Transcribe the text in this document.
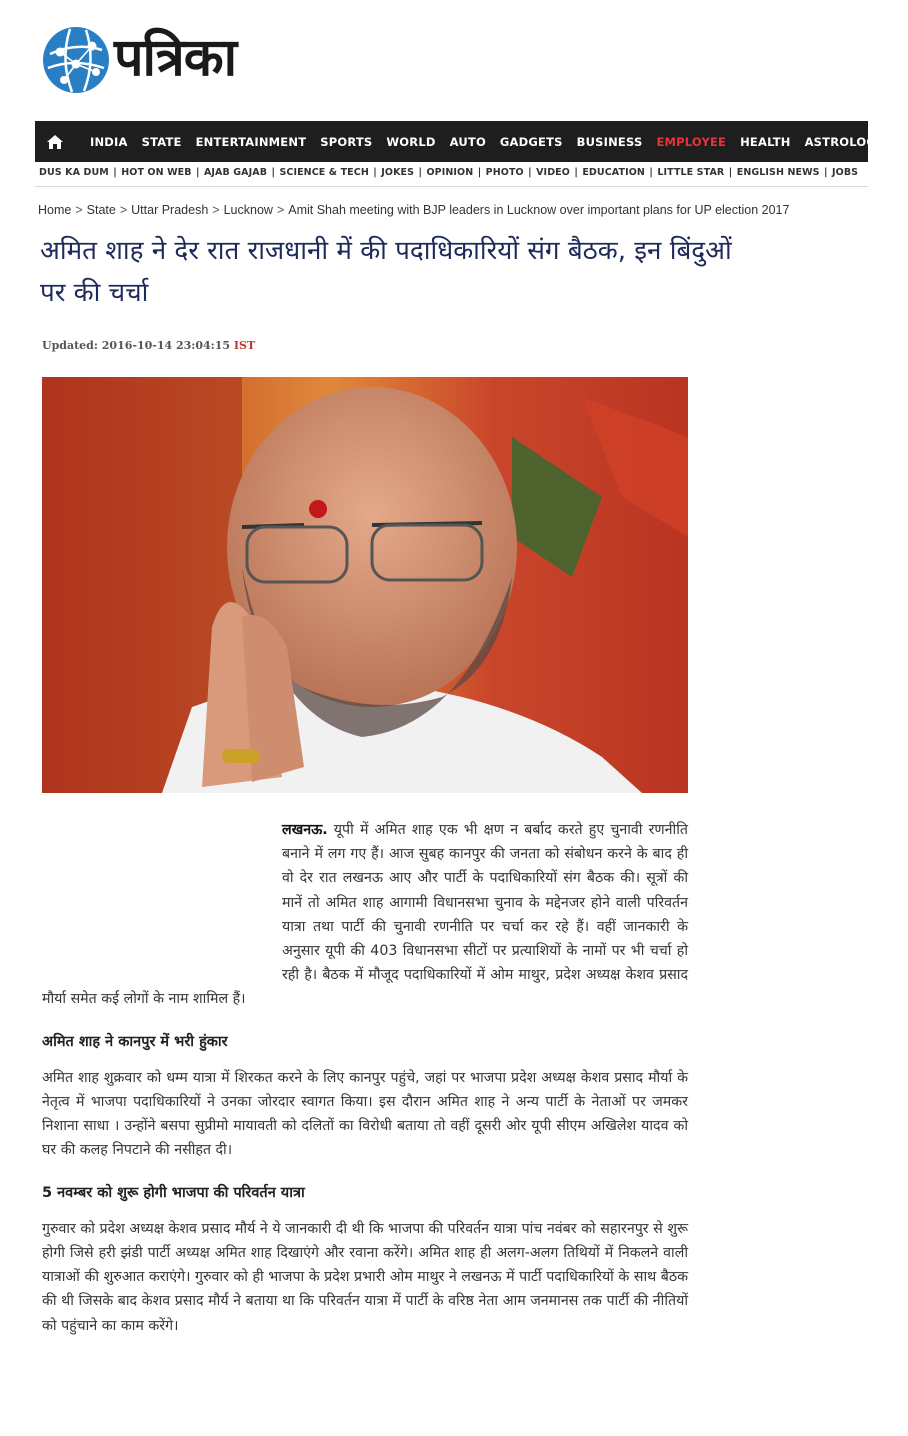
पत्रिका
INDIA	STATE	ENTERTAINMENT	SPORTS	WORLD	AUTO	GADGETS	BUSINESS	EMPLOYEE	HEALTH	ASTROLOGY
DUS KA DUM | HOT ON WEB | AJAB GAJAB | SCIENCE & TECH | JOKES | OPINION | PHOTO | VIDEO | EDUCATION | LITTLE STAR | ENGLISH NEWS | JOBS
Home > State > Uttar Pradesh > Lucknow > Amit Shah meeting with BJP leaders in Lucknow over important plans for UP election 2017
अमित शाह ने देर रात राजधानी में की पदाधिकारियों संग बैठक, इन बिंदुओं पर की चर्चा
Updated: 2016-10-14 23:04:15 IST

लखनऊ. यूपी में अमित शाह एक भी क्षण न बर्बाद करते हुए चुनावी रणनीति बनाने में लग गए हैं। आज सुबह कानपुर की जनता को संबोधन करने के बाद ही वो देर रात लखनऊ आए और पार्टी के पदाधिकारियों संग बैठक की। सूत्रों की मानें तो अमित शाह आगामी विधानसभा चुनाव के मद्देनजर होने वाली परिवर्तन यात्रा तथा पार्टी की चुनावी रणनीति पर चर्चा कर रहे हैं। वहीं जानकारी के अनुसार यूपी की 403 विधानसभा सीटों पर प्रत्याशियों के नामों पर भी चर्चा हो रही है। बैठक में मौजूद पदाधिकारियों में ओम माथुर, प्रदेश अध्यक्ष केशव प्रसाद मौर्या समेत कई लोगों के नाम शामिल हैं।

अमित शाह ने कानपुर में भरी हुंकार

अमित शाह शुक्रवार को धम्म यात्रा में शिरकत करने के लिए कानपुर पहुंचे, जहां पर भाजपा प्रदेश अध्यक्ष केशव प्रसाद मौर्या के नेतृत्व में भाजपा पदाधिकारियों ने उनका जोरदार स्वागत किया। इस दौरान अमित शाह ने अन्य पार्टी के नेताओं पर जमकर निशाना साधा । उन्होंने बसपा सुप्रीमो मायावती को दलितों का विरोधी बताया तो वहीं दूसरी ओर यूपी सीएम अखिलेश यादव को घर की कलह निपटाने की नसीहत दी।

5 नवम्बर को शुरू होगी भाजपा की परिवर्तन यात्रा

गुरुवार को प्रदेश अध्यक्ष केशव प्रसाद मौर्य ने ये जानकारी दी थी कि भाजपा की परिवर्तन यात्रा पांच नवंबर को सहारनपुर से शुरू होगी जिसे हरी झंडी पार्टी अध्यक्ष अमित शाह दिखाएंगे और रवाना करेंगे। अमित शाह ही अलग-अलग तिथियों में निकलने वाली यात्राओं की शुरुआत कराएंगे। गुरुवार को ही भाजपा के प्रदेश प्रभारी ओम माथुर ने लखनऊ में पार्टी पदाधिकारियों के साथ बैठक की थी जिसके बाद केशव प्रसाद मौर्य ने बताया था कि परिवर्तन यात्रा में पार्टी के वरिष्ठ नेता आम जनमानस तक पार्टी की नीतियों को पहुंचाने का काम करेंगे।
